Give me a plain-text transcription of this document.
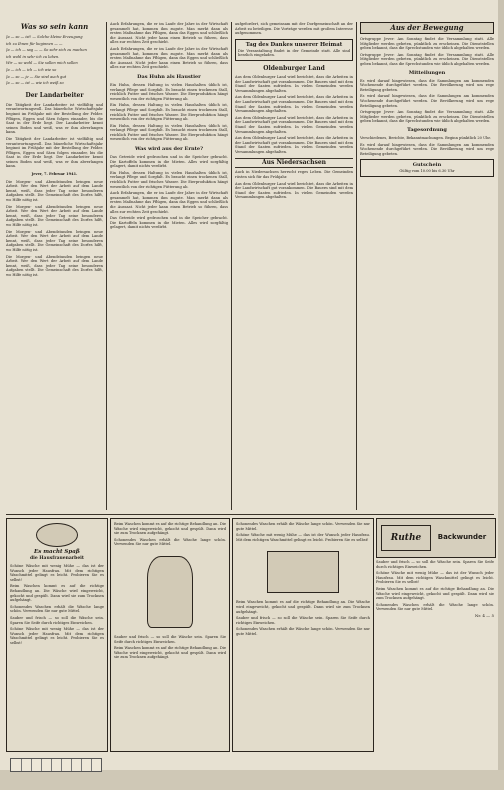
Was so sein kann

Ja — so — ist! — Solche kleine Erzeugung

ich zu Ihnen für beginnen — —

Ja — ich — sag — — So sehr sich zu machen

ich wohl in sehr ich zu leben.

Wir — so wohl — Sie sollen mich sollen

Ja — ich — ich — ich wie so

Ja — so — je — Sie sind auch gut

Ja — so — ist — wie ich weiß so

Der Landarbeiter

Die Tätigkeit der Landarbeiter ist vielfältig und verantwortungsvoll. Das bäuerliche Wirtschaftsjahr beginnt im Frühjahr mit der Bestellung der Felder. Pflügen, Eggen und Säen folgen einander, bis die Saat in der Erde liegt. Der Landarbeiter kennt seinen Boden und weiß, was er ihm abverlangen kann.

Die Tätigkeit der Landarbeiter ist vielfältig und verantwortungsvoll. Das bäuerliche Wirtschaftsjahr beginnt im Frühjahr mit der Bestellung der Felder. Pflügen, Eggen und Säen folgen einander, bis die Saat in der Erde liegt. Der Landarbeiter kennt seinen Boden und weiß, was er ihm abverlangen kann.

Jever, 7. Februar 1941.

Die Morgen- und Abendstunden bringen neue Arbeit. Wer den Wert der Arbeit auf dem Lande kennt, weiß, dass jeder Tag seine besonderen Aufgaben stellt. Die Gemeinschaft des Dorfes hilft, wo Hilfe nötig ist.

Die Morgen- und Abendstunden bringen neue Arbeit. Wer den Wert der Arbeit auf dem Lande kennt, weiß, dass jeder Tag seine besonderen Aufgaben stellt. Die Gemeinschaft des Dorfes hilft, wo Hilfe nötig ist.

Die Morgen- und Abendstunden bringen neue Arbeit. Wer den Wert der Arbeit auf dem Lande kennt, weiß, dass jeder Tag seine besonderen Aufgaben stellt. Die Gemeinschaft des Dorfes hilft, wo Hilfe nötig ist.

Die Morgen- und Abendstunden bringen neue Arbeit. Wer den Wert der Arbeit auf dem Lande kennt, weiß, dass jeder Tag seine besonderen Aufgaben stellt. Die Gemeinschaft des Dorfes hilft, wo Hilfe nötig ist.

Auch Erfahrungen, die er im Laufe der Jahre in der Wirtschaft gesammelt hat, kommen ihm zugute. Man merkt dann als ersten Maßnahme das Pflügen, dann das Eggen und schließlich die Aussaat. Nicht jeder kann einen Betrieb so führen, dass alles zur rechten Zeit geschieht.

Auch Erfahrungen, die er im Laufe der Jahre in der Wirtschaft gesammelt hat, kommen ihm zugute. Man merkt dann als ersten Maßnahme das Pflügen, dann das Eggen und schließlich die Aussaat. Nicht jeder kann einen Betrieb so führen, dass alles zur rechten Zeit geschieht.

Das Huhn als Haustier

Ein Huhn, dessen Haltung in vielen Haushalten üblich ist, verlangt Pflege und Sorgfalt. Es braucht einen trockenen Stall, reichlich Futter und frisches Wasser. Die Eierproduktion hängt wesentlich von der richtigen Fütterung ab.

Ein Huhn, dessen Haltung in vielen Haushalten üblich ist, verlangt Pflege und Sorgfalt. Es braucht einen trockenen Stall, reichlich Futter und frisches Wasser. Die Eierproduktion hängt wesentlich von der richtigen Fütterung ab.

Ein Huhn, dessen Haltung in vielen Haushalten üblich ist, verlangt Pflege und Sorgfalt. Es braucht einen trockenen Stall, reichlich Futter und frisches Wasser. Die Eierproduktion hängt wesentlich von der richtigen Fütterung ab.

Was wird aus der Ernte?

Das Getreide wird gedroschen und in die Speicher gebracht. Die Kartoffeln kommen in die Mieten. Alles wird sorgfältig gelagert, damit nichts verdirbt.

Ein Huhn, dessen Haltung in vielen Haushalten üblich ist, verlangt Pflege und Sorgfalt. Es braucht einen trockenen Stall, reichlich Futter und frisches Wasser. Die Eierproduktion hängt wesentlich von der richtigen Fütterung ab.

Auch Erfahrungen, die er im Laufe der Jahre in der Wirtschaft gesammelt hat, kommen ihm zugute. Man merkt dann als ersten Maßnahme das Pflügen, dann das Eggen und schließlich die Aussaat. Nicht jeder kann einen Betrieb so führen, dass alles zur rechten Zeit geschieht.

Das Getreide wird gedroschen und in die Speicher gebracht. Die Kartoffeln kommen in die Mieten. Alles wird sorgfältig gelagert, damit nichts verdirbt.

aufgefordert, sich gemeinsam mit der Dorfgemeinschaft an der Arbeit zu beteiligen. Die Vorträge werden mit großem Interesse aufgenommen.

Tag des Dankes unserer Heimat

Die Veranstaltung findet in der Gemeinde statt. Alle sind herzlich eingeladen.

Oldenburger Land

Aus dem Oldenburger Land wird berichtet, dass die Arbeiten in der Landwirtschaft gut vorankommen. Die Bauern sind mit dem Stand der Saaten zufrieden. In vielen Gemeinden werden Versammlungen abgehalten.

Aus dem Oldenburger Land wird berichtet, dass die Arbeiten in der Landwirtschaft gut vorankommen. Die Bauern sind mit dem Stand der Saaten zufrieden. In vielen Gemeinden werden Versammlungen abgehalten.

Aus dem Oldenburger Land wird berichtet, dass die Arbeiten in der Landwirtschaft gut vorankommen. Die Bauern sind mit dem Stand der Saaten zufrieden. In vielen Gemeinden werden Versammlungen abgehalten.

Aus dem Oldenburger Land wird berichtet, dass die Arbeiten in der Landwirtschaft gut vorankommen. Die Bauern sind mit dem Stand der Saaten zufrieden. In vielen Gemeinden werden Versammlungen abgehalten.

Aus Niedersachsen

Auch in Niedersachsen herrscht reges Leben. Die Gemeinden rüsten sich für das Frühjahr.

Aus dem Oldenburger Land wird berichtet, dass die Arbeiten in der Landwirtschaft gut vorankommen. Die Bauern sind mit dem Stand der Saaten zufrieden. In vielen Gemeinden werden Versammlungen abgehalten.

Aus der Bewegung

Ortsgruppe Jever: Am Sonntag findet die Versammlung statt. Alle Mitglieder werden gebeten, pünktlich zu erscheinen. Die Dienststellen geben bekannt, dass die Sprechstunden wie üblich abgehalten werden.

Ortsgruppe Jever: Am Sonntag findet die Versammlung statt. Alle Mitglieder werden gebeten, pünktlich zu erscheinen. Die Dienststellen geben bekannt, dass die Sprechstunden wie üblich abgehalten werden.

Mitteilungen

Es wird darauf hingewiesen, dass die Sammlungen am kommenden Wochenende durchgeführt werden. Die Bevölkerung wird um rege Beteiligung gebeten.

Es wird darauf hingewiesen, dass die Sammlungen am kommenden Wochenende durchgeführt werden. Die Bevölkerung wird um rege Beteiligung gebeten.

Ortsgruppe Jever: Am Sonntag findet die Versammlung statt. Alle Mitglieder werden gebeten, pünktlich zu erscheinen. Die Dienststellen geben bekannt, dass die Sprechstunden wie üblich abgehalten werden.

Tagesordnung

Verschiedenes, Berichte, Bekanntmachungen. Beginn pünktlich 20 Uhr.

Es wird darauf hingewiesen, dass die Sammlungen am kommenden Wochenende durchgeführt werden. Die Bevölkerung wird um rege Beteiligung gebeten.

Gutschein

Gültig vom 10.00 bis 6.30 Uhr

Es macht Spaß
die Hausfrauenarbeit

Schöne Wäsche mit wenig Mühe — das ist der Wunsch jeder Hausfrau. Mit dem richtigen Waschmittel gelingt es leicht. Probieren Sie es selbst!

Beim Waschen kommt es auf die richtige Behandlung an. Die Wäsche wird eingeweicht, gekocht und gespült. Dann wird sie zum Trocknen aufgehängt.

Schonendes Waschen erhält die Wäsche lange schön. Verwenden Sie nur gute Mittel.

Sauber und frisch — so soll die Wäsche sein. Sparen Sie Seife durch richtiges Einweichen.

Schöne Wäsche mit wenig Mühe — das ist der Wunsch jeder Hausfrau. Mit dem richtigen Waschmittel gelingt es leicht. Probieren Sie es selbst!

Beim Waschen kommt es auf die richtige Behandlung an. Die Wäsche wird eingeweicht, gekocht und gespült. Dann wird sie zum Trocknen aufgehängt.

Schonendes Waschen erhält die Wäsche lange schön. Verwenden Sie nur gute Mittel.

Sauber und frisch — so soll die Wäsche sein. Sparen Sie Seife durch richtiges Einweichen.

Beim Waschen kommt es auf die richtige Behandlung an. Die Wäsche wird eingeweicht, gekocht und gespült. Dann wird sie zum Trocknen aufgehängt.

Schonendes Waschen erhält die Wäsche lange schön. Verwenden Sie nur gute Mittel.

Schöne Wäsche mit wenig Mühe — das ist der Wunsch jeder Hausfrau. Mit dem richtigen Waschmittel gelingt es leicht. Probieren Sie es selbst!

Beim Waschen kommt es auf die richtige Behandlung an. Die Wäsche wird eingeweicht, gekocht und gespült. Dann wird sie zum Trocknen aufgehängt.

Sauber und frisch — so soll die Wäsche sein. Sparen Sie Seife durch richtiges Einweichen.

Schonendes Waschen erhält die Wäsche lange schön. Verwenden Sie nur gute Mittel.

Ruthe	Backwunder

Sauber und frisch — so soll die Wäsche sein. Sparen Sie Seife durch richtiges Einweichen.

Schöne Wäsche mit wenig Mühe — das ist der Wunsch jeder Hausfrau. Mit dem richtigen Waschmittel gelingt es leicht. Probieren Sie es selbst!

Beim Waschen kommt es auf die richtige Behandlung an. Die Wäsche wird eingeweicht, gekocht und gespült. Dann wird sie zum Trocknen aufgehängt.

Schonendes Waschen erhält die Wäsche lange schön. Verwenden Sie nur gute Mittel.

Nr. 4 — 5
